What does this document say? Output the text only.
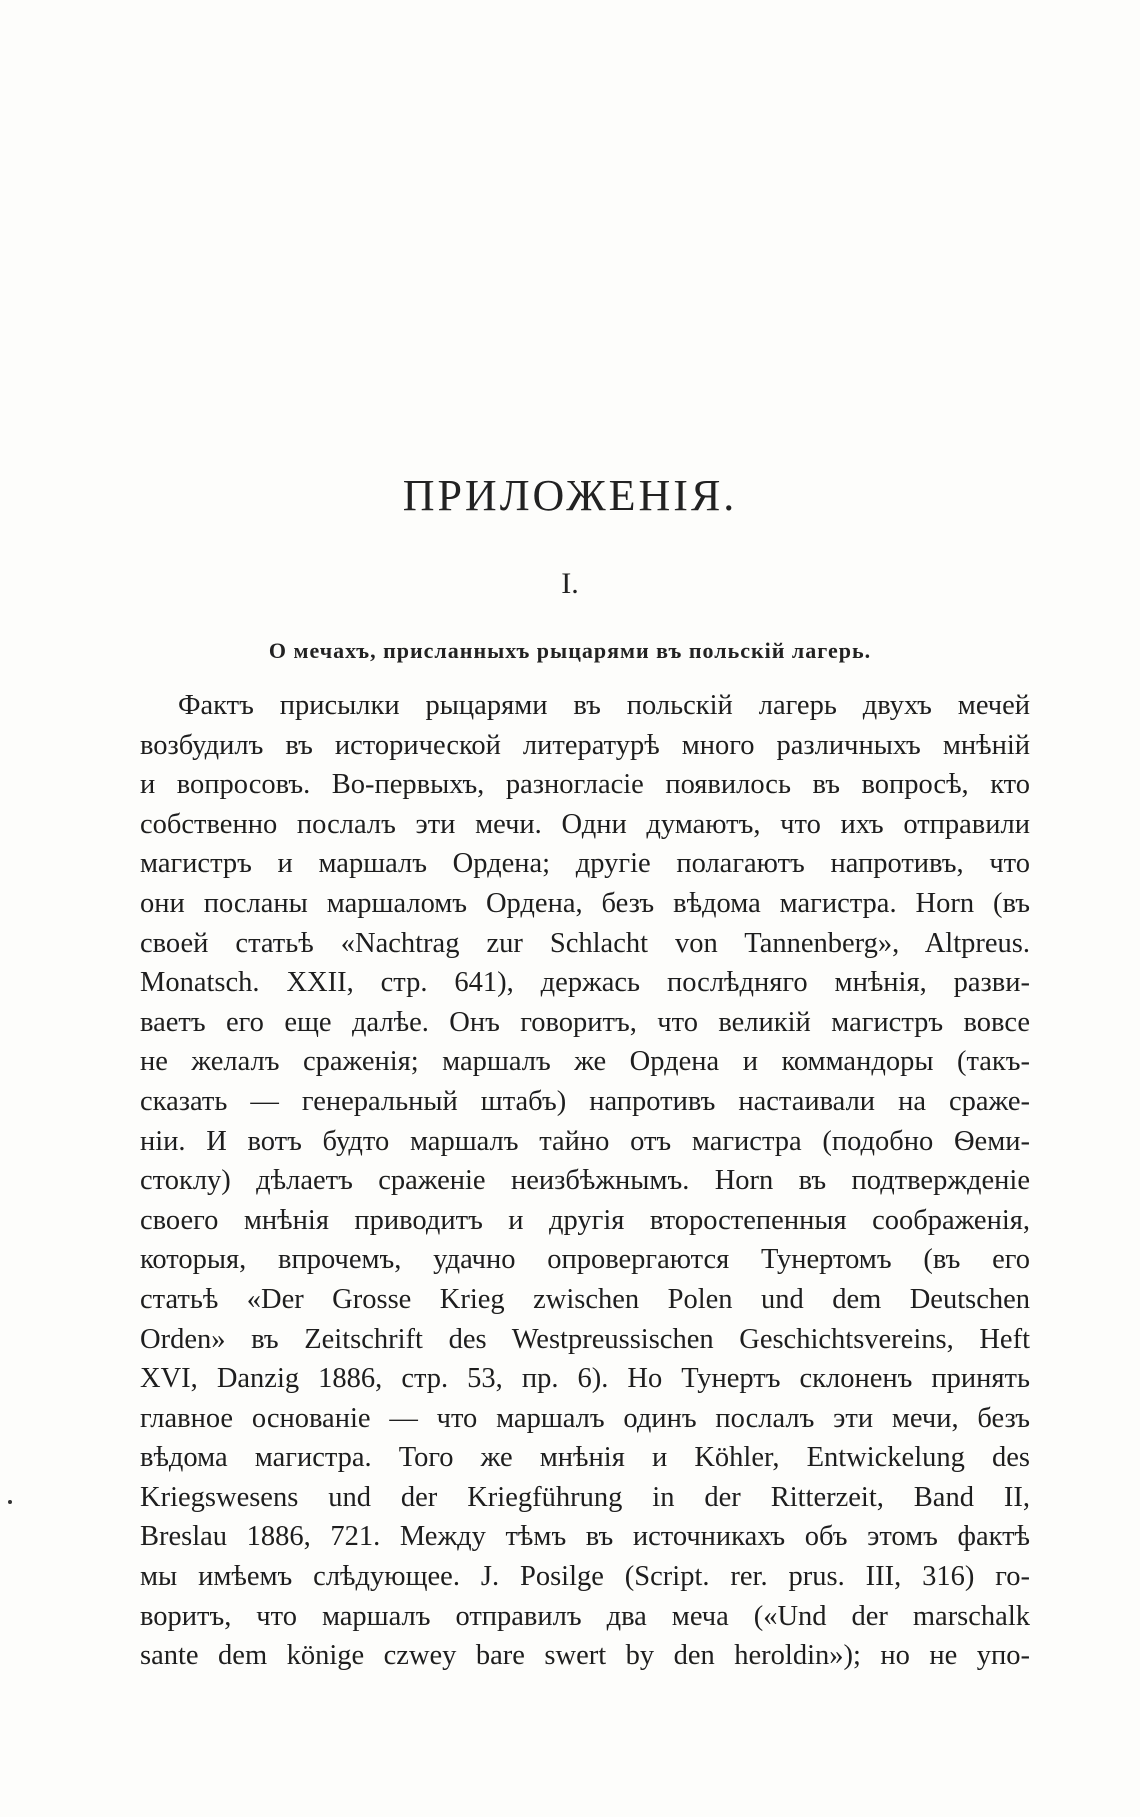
ПРИЛОЖЕНІЯ.
I.
О мечахъ, присланныхъ рыцарями въ польскій лагерь.
Фактъ присылки рыцарями въ польскій лагерь двухъ мечей
возбудилъ въ исторической литературѣ много различныхъ мнѣній
и вопросовъ. Во-первыхъ, разногласіе появилось въ вопросѣ, кто
собственно послалъ эти мечи. Одни думаютъ, что ихъ отправили
магистръ и маршалъ Ордена; другіе полагаютъ напротивъ, что
они посланы маршаломъ Ордена, безъ вѣдома магистра. Horn (въ
своей статьѣ «Nachtrag zur Schlacht von Tannenberg», Altpreus.
Monatsch. XXII, стр. 641), держась послѣдняго мнѣнія, разви-
ваетъ его еще далѣе. Онъ говоритъ, что великій магистръ вовсе
не желалъ сраженія; маршалъ же Ордена и коммандоры (такъ-
сказать — генеральный штабъ) напротивъ настаивали на сраже-
ніи. И вотъ будто маршалъ тайно отъ магистра (подобно Ѳеми-
стоклу) дѣлаетъ сраженіе неизбѣжнымъ. Horn въ подтвержденіе
своего мнѣнія приводитъ и другія второстепенныя соображенія,
которыя, впрочемъ, удачно опровергаются Тунертомъ (въ его
статьѣ «Der Grosse Krieg zwischen Polen und dem Deutschen
Orden» въ Zeitschrift des Westpreussischen Geschichtsvereins, Heft
XVI, Danzig 1886, стр. 53, пр. 6). Но Тунертъ склоненъ принять
главное основаніе — что маршалъ одинъ послалъ эти мечи, безъ
вѣдома магистра. Того же мнѣнія и Köhler, Entwickelung des
Kriegswesens und der Kriegführung in der Ritterzeit, Band II,
Breslau 1886, 721. Между тѣмъ въ источникахъ объ этомъ фактѣ
мы имѣемъ слѣдующее. J. Posilge (Script. rer. prus. III, 316) го-
воритъ, что маршалъ отправилъ два меча («Und der marschalk
sante dem könige czwey bare swert by den heroldin»); но не упо-
